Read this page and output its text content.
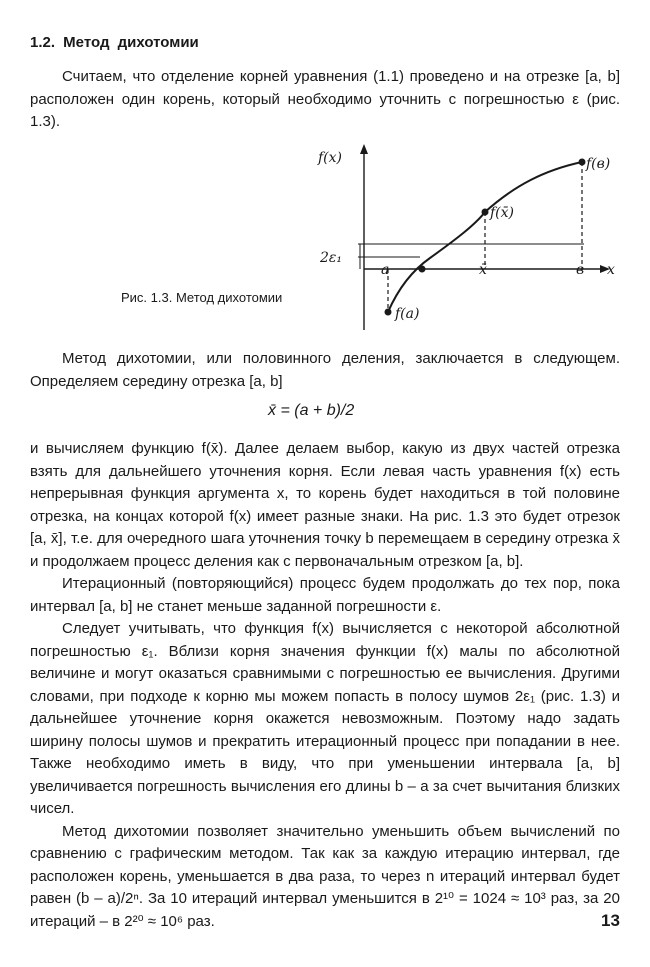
1.2. Метод дихотомии

Считаем, что отделение корней уравнения (1.1) проведено и на отрезке [a, b] расположен один корень, который необходимо уточнить с погрешностью ε (рис. 1.3).

f(x)
x
2ε₁
a	x̄	в
f(a)
f(x̄)
f(в)
Рис. 1.3. Метод дихотомии

Метод дихотомии, или половинного деления, заключается в следующем. Определяем середину отрезка [a, b]

x̄ = (a + b)/2

и вычисляем функцию f(x̄). Далее делаем выбор, какую из двух частей отрезка взять для дальнейшего уточнения корня. Если левая часть уравнения f(x) есть непрерывная функция аргумента x, то корень будет находиться в той половине отрезка, на концах которой f(x) имеет разные знаки. На рис. 1.3 это будет отрезок [a, x̄], т.е. для очередного шага уточнения точку b перемещаем в середину отрезка x̄ и продолжаем процесс деления как с первоначальным отрезком [a, b].

Итерационный (повторяющийся) процесс будем продолжать до тех пор, пока интервал [a, b] не станет меньше заданной погрешности ε.

Следует учитывать, что функция f(x) вычисляется с некоторой абсолютной погрешностью ε₁. Вблизи корня значения функции f(x) малы по абсолютной величине и могут оказаться сравнимыми с погрешностью ее вычисления. Другими словами, при подходе к корню мы можем попасть в полосу шумов 2ε₁ (рис. 1.3) и дальнейшее уточнение корня окажется невозможным. Поэтому надо задать ширину полосы шумов и прекратить итерационный процесс при попадании в нее. Также необходимо иметь в виду, что при уменьшении интервала [a, b] увеличивается погрешность вычисления его длины b – a за счет вычитания близких чисел.

Метод дихотомии позволяет значительно уменьшить объем вычислений по сравнению с графическим методом. Так как за каждую итерацию интервал, где расположен корень, уменьшается в два раза, то через n итераций интервал будет равен (b – a)/2ⁿ. За 10 итераций интервал уменьшится в 2¹⁰ = 1024 ≈ 10³ раз, за 20 итераций – в 2²⁰ ≈ 10⁶ раз.	13
